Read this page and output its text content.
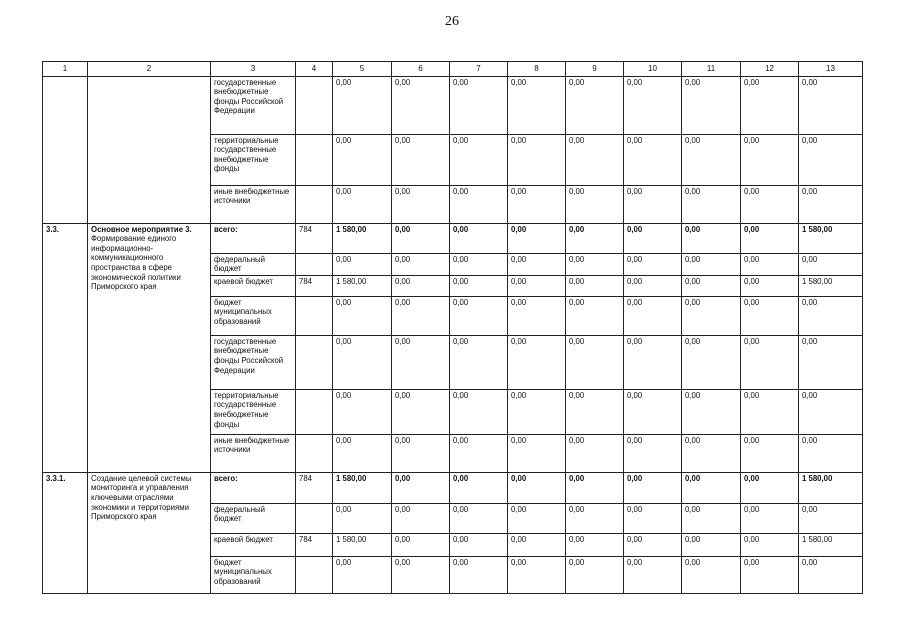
26
1	2	3	4	5	6	7	8	9	10	11	12	13
		государственные внебюджетные фонды Российской Федерации		0,00	0,00	0,00	0,00	0,00	0,00	0,00	0,00	0,00
		территориальные государственные внебюджетные фонды		0,00	0,00	0,00	0,00	0,00	0,00	0,00	0,00	0,00
		иные внебюджетные источники		0,00	0,00	0,00	0,00	0,00	0,00	0,00	0,00	0,00
3.3.	Основное мероприятие 3. Формирование единого информационно-коммуникационного пространства в сфере экономической политики Приморского края	всего:	784	1 580,00	0,00	0,00	0,00	0,00	0,00	0,00	0,00	1 580,00
		федеральный бюджет		0,00	0,00	0,00	0,00	0,00	0,00	0,00	0,00	0,00
		краевой бюджет	784	1 580,00	0,00	0,00	0,00	0,00	0,00	0,00	0,00	1 580,00
		бюджет муниципальных образований		0,00	0,00	0,00	0,00	0,00	0,00	0,00	0,00	0,00
		государственные внебюджетные фонды Российской Федерации		0,00	0,00	0,00	0,00	0,00	0,00	0,00	0,00	0,00
		территориальные государственные внебюджетные фонды		0,00	0,00	0,00	0,00	0,00	0,00	0,00	0,00	0,00
		иные внебюджетные источники		0,00	0,00	0,00	0,00	0,00	0,00	0,00	0,00	0,00
3.3.1.	Создание целевой системы мониторинга и управления ключевыми отраслями экономики и территориями Приморского края	всего:	784	1 580,00	0,00	0,00	0,00	0,00	0,00	0,00	0,00	1 580,00
		федеральный бюджет		0,00	0,00	0,00	0,00	0,00	0,00	0,00	0,00	0,00
		краевой бюджет	784	1 580,00	0,00	0,00	0,00	0,00	0,00	0,00	0,00	1 580,00
		бюджет муниципальных образований		0,00	0,00	0,00	0,00	0,00	0,00	0,00	0,00	0,00
